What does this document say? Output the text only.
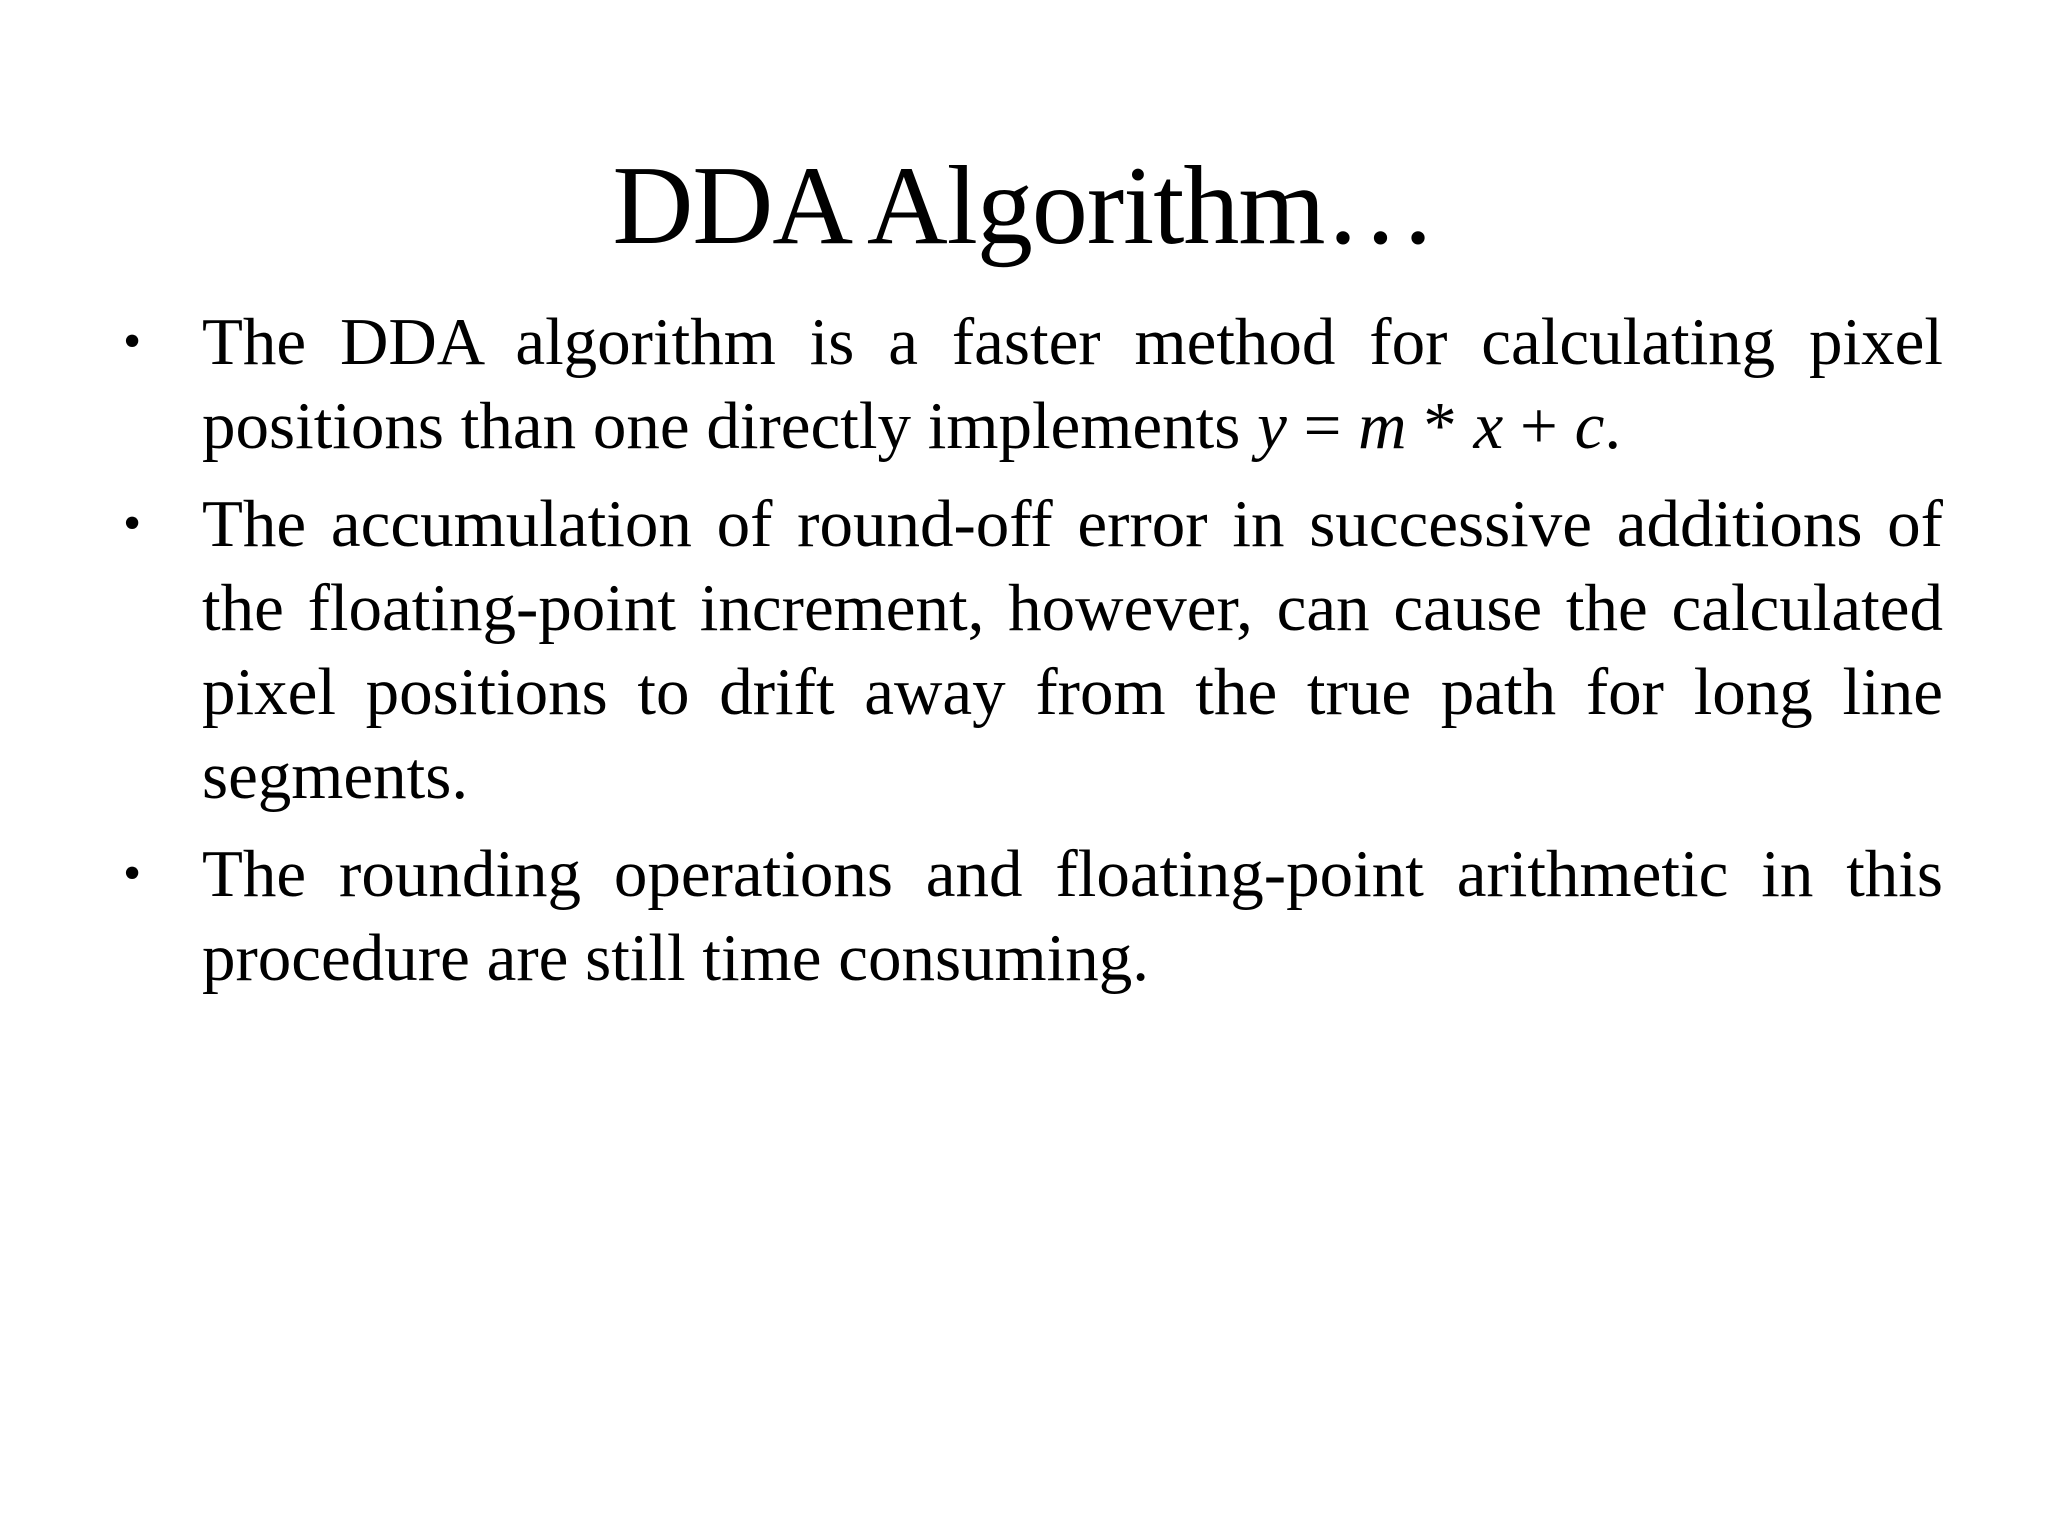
DDA Algorithm…
• The DDA algorithm is a faster method for calculating pixel positions than one directly implements y = m * x + c.
• The accumulation of round-off error in successive additions of the floating-point increment, however, can cause the calculated pixel positions to drift away from the true path for long line segments.
• The rounding operations and floating-point arithmetic in this procedure are still time consuming.
